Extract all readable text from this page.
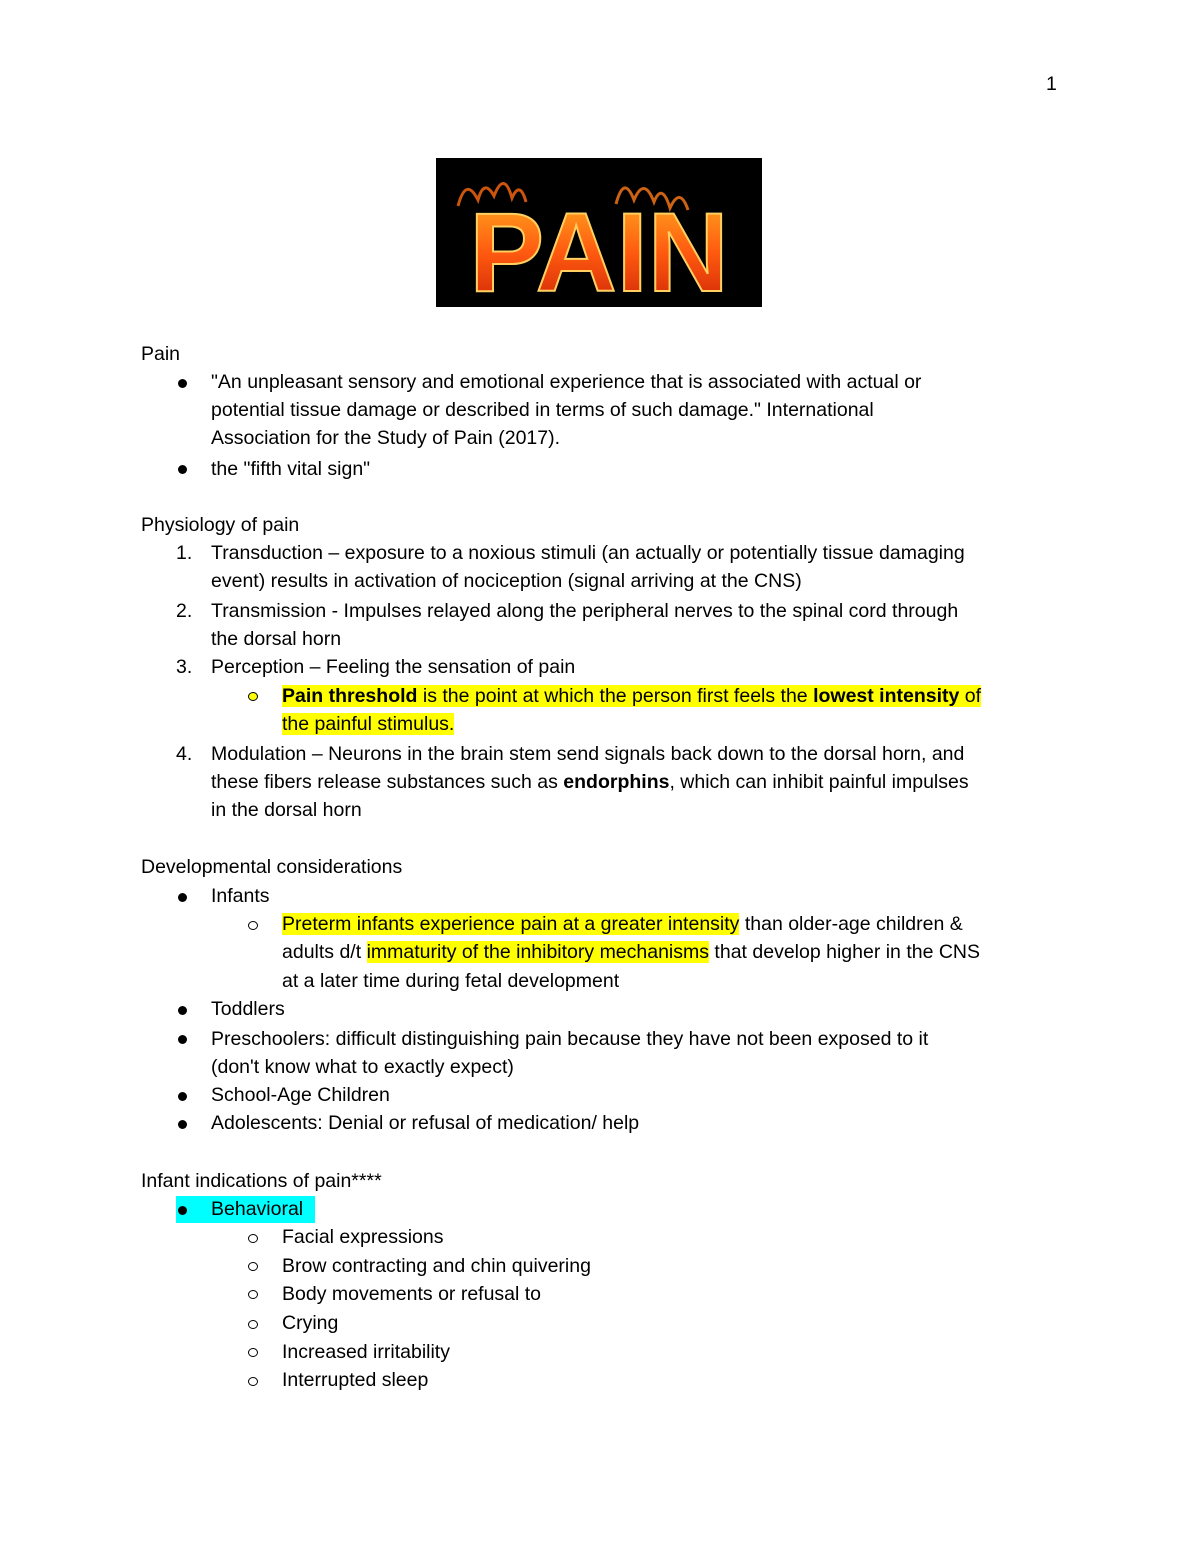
1
PAIN
Pain
"An unpleasant sensory and emotional experience that is associated with actual or
potential tissue damage or described in terms of such damage." International
Association for the Study of Pain (2017).
the "fifth vital sign"
Physiology of pain
1. Transduction – exposure to a noxious stimuli (an actually or potentially tissue damaging
event) results in activation of nociception (signal arriving at the CNS)
2. Transmission - Impulses relayed along the peripheral nerves to the spinal cord through
the dorsal horn
3. Perception – Feeling the sensation of pain
Pain threshold is the point at which the person first feels the lowest intensity of
the painful stimulus.
4. Modulation – Neurons in the brain stem send signals back down to the dorsal horn, and
these fibers release substances such as endorphins, which can inhibit painful impulses
in the dorsal horn
Developmental considerations
Infants
Preterm infants experience pain at a greater intensity than older-age children &
adults d/t immaturity of the inhibitory mechanisms that develop higher in the CNS
at a later time during fetal development
Toddlers
Preschoolers: difficult distinguishing pain because they have not been exposed to it
(don't know what to exactly expect)
School-Age Children
Adolescents: Denial or refusal of medication/ help
Infant indications of pain****
Behavioral
Facial expressions
Brow contracting and chin quivering
Body movements or refusal to
Crying
Increased irritability
Interrupted sleep
